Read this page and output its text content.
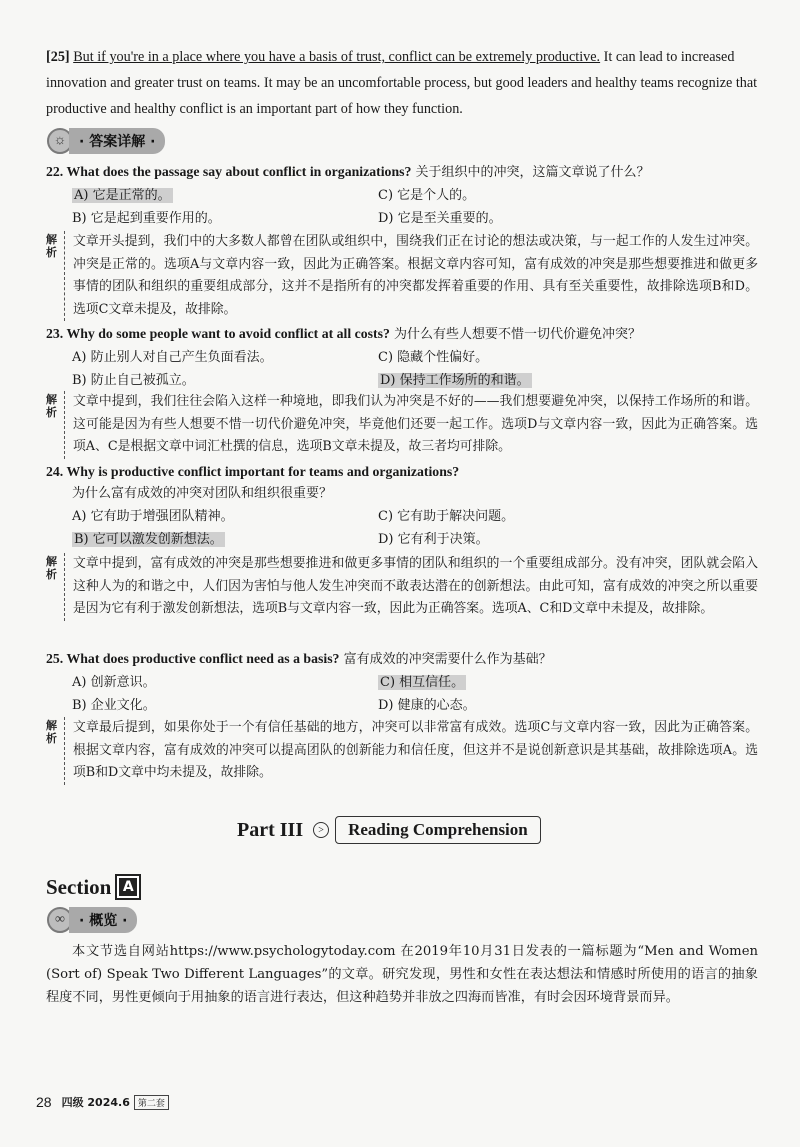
[25] But if you're in a place where you have a basis of trust, conflict can be extremely productive. It can lead to increased innovation and greater trust on teams. It may be an uncomfortable process, but good leaders and healthy teams recognize that productive and healthy conflict is an important part of how they function.
☼ · 答案详解 ·
22. What does the passage say about conflict in organizations? 关于组织中的冲突，这篇文章说了什么？
A) 它是正常的。	C) 它是个人的。
B) 它是起到重要作用的。	D) 它是至关重要的。
解析
文章开头提到，我们中的大多数人都曾在团队或组织中，围绕我们正在讨论的想法或决策，与一起工作的人发生过冲突。冲突是正常的。选项A与文章内容一致，因此为正确答案。根据文章内容可知，富有成效的冲突是那些想要推进和做更多事情的团队和组织的重要组成部分，这并不是指所有的冲突都发挥着重要的作用、具有至关重要性，故排除选项B和D。选项C文章未提及，故排除。
23. Why do some people want to avoid conflict at all costs? 为什么有些人想要不惜一切代价避免冲突？
A) 防止别人对自己产生负面看法。	C) 隐藏个性偏好。
B) 防止自己被孤立。	D) 保持工作场所的和谐。
解析
文章中提到，我们往往会陷入这样一种境地，即我们认为冲突是不好的——我们想要避免冲突，以保持工作场所的和谐。这可能是因为有些人想要不惜一切代价避免冲突，毕竟他们还要一起工作。选项D与文章内容一致，因此为正确答案。选项A、C是根据文章中词汇杜撰的信息，选项B文章未提及，故三者均可排除。
24. Why is productive conflict important for teams and organizations?
为什么富有成效的冲突对团队和组织很重要？
A) 它有助于增强团队精神。	C) 它有助于解决问题。
B) 它可以激发创新想法。	D) 它有利于决策。
解析
文章中提到，富有成效的冲突是那些想要推进和做更多事情的团队和组织的一个重要组成部分。没有冲突，团队就会陷入这种人为的和谐之中，人们因为害怕与他人发生冲突而不敢表达潜在的创新想法。由此可知，富有成效的冲突之所以重要是因为它有利于激发创新想法，选项B与文章内容一致，因此为正确答案。选项A、C和D文章中未提及，故排除。
25. What does productive conflict need as a basis? 富有成效的冲突需要什么作为基础？
A) 创新意识。	C) 相互信任。
B) 企业文化。	D) 健康的心态。
解析
文章最后提到，如果你处于一个有信任基础的地方，冲突可以非常富有成效。选项C与文章内容一致，因此为正确答案。根据文章内容，富有成效的冲突可以提高团队的创新能力和信任度，但这并不是说创新意识是其基础，故排除选项A。选项B和D文章中均未提及，故排除。
Part III	>	Reading Comprehension
Section A
∞	· 概览 ·
本文节选自网站https://www.psychologytoday.com 在2019年10月31日发表的一篇标题为“Men and Women (Sort of) Speak Two Different Languages”的文章。研究发现，男性和女性在表达想法和情感时所使用的语言的抽象程度不同，男性更倾向于用抽象的语言进行表达，但这种趋势并非放之四海而皆准，有时会因环境背景而异。
28 四级 2024.6 第二套
